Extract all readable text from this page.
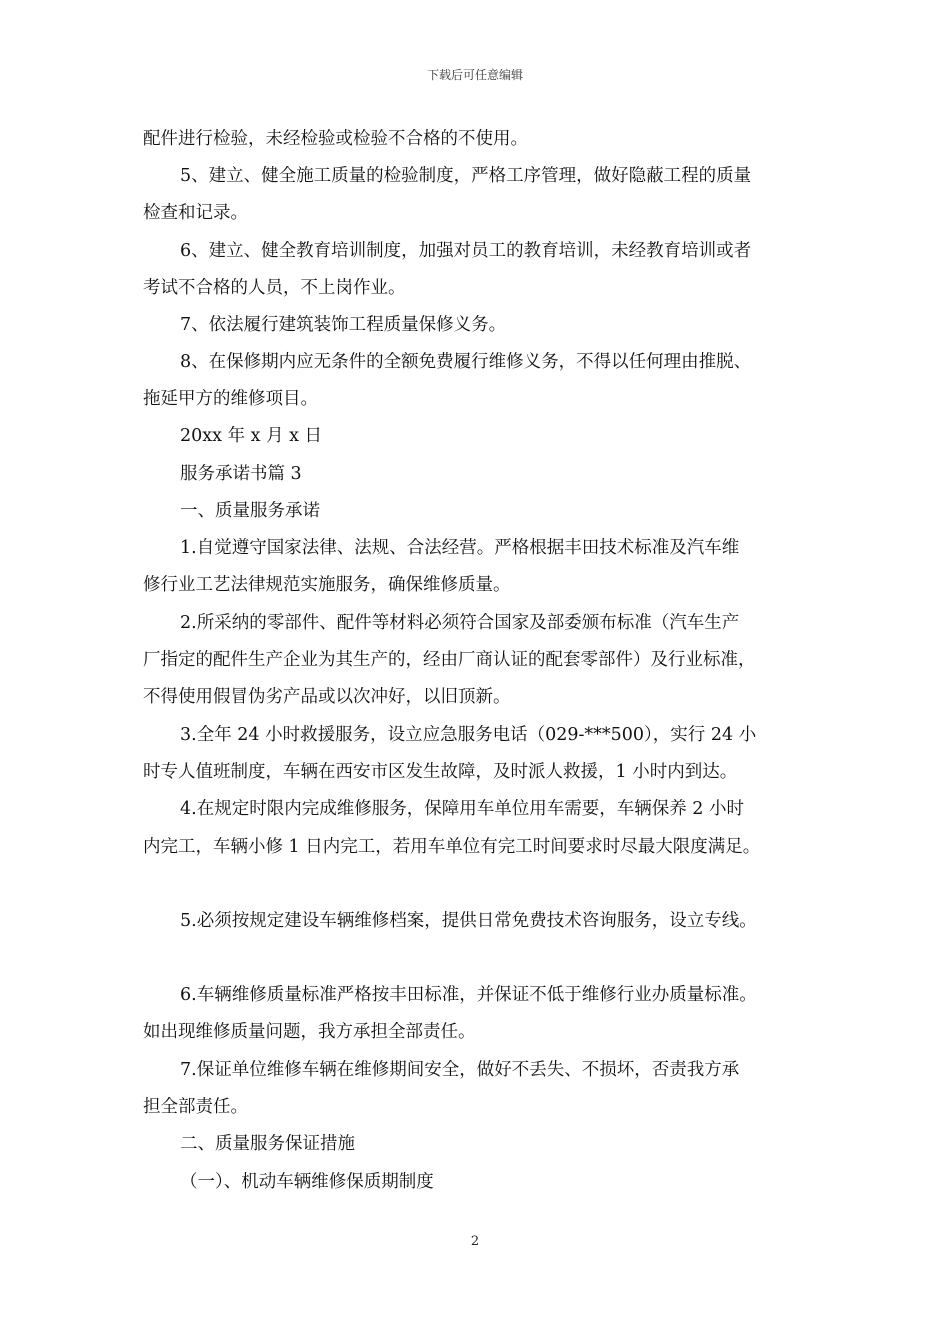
下载后可任意编辑
配件进行检验，未经检验或检验不合格的不使用。
5、建立、健全施工质量的检验制度，严格工序管理，做好隐蔽工程的质量
检查和记录。
6、建立、健全教育培训制度，加强对员工的教育培训，未经教育培训或者
考试不合格的人员，不上岗作业。
7、依法履行建筑装饰工程质量保修义务。
8、在保修期内应无条件的全额免费履行维修义务，不得以任何理由推脱、
拖延甲方的维修项目。
20xx 年 x 月 x 日
服务承诺书篇 3
一、质量服务承诺
1.自觉遵守国家法律、法规、合法经营。严格根据丰田技术标准及汽车维
修行业工艺法律规范实施服务，确保维修质量。
2.所采纳的零部件、配件等材料必须符合国家及部委颁布标准（汽车生产
厂指定的配件生产企业为其生产的，经由厂商认证的配套零部件）及行业标准，
不得使用假冒伪劣产品或以次冲好，以旧顶新。
3.全年 24 小时救援服务，设立应急服务电话（029-***500），实行 24 小
时专人值班制度，车辆在西安市区发生故障，及时派人救援，1 小时内到达。
4.在规定时限内完成维修服务，保障用车单位用车需要，车辆保养 2 小时
内完工，车辆小修 1 日内完工，若用车单位有完工时间要求时尽最大限度满足。
5.必须按规定建设车辆维修档案，提供日常免费技术咨询服务，设立专线。
6.车辆维修质量标准严格按丰田标准，并保证不低于维修行业办质量标准。
如出现维修质量问题，我方承担全部责任。
7.保证单位维修车辆在维修期间安全，做好不丢失、不损坏，否责我方承
担全部责任。
二、质量服务保证措施
（一）、机动车辆维修保质期制度
2
